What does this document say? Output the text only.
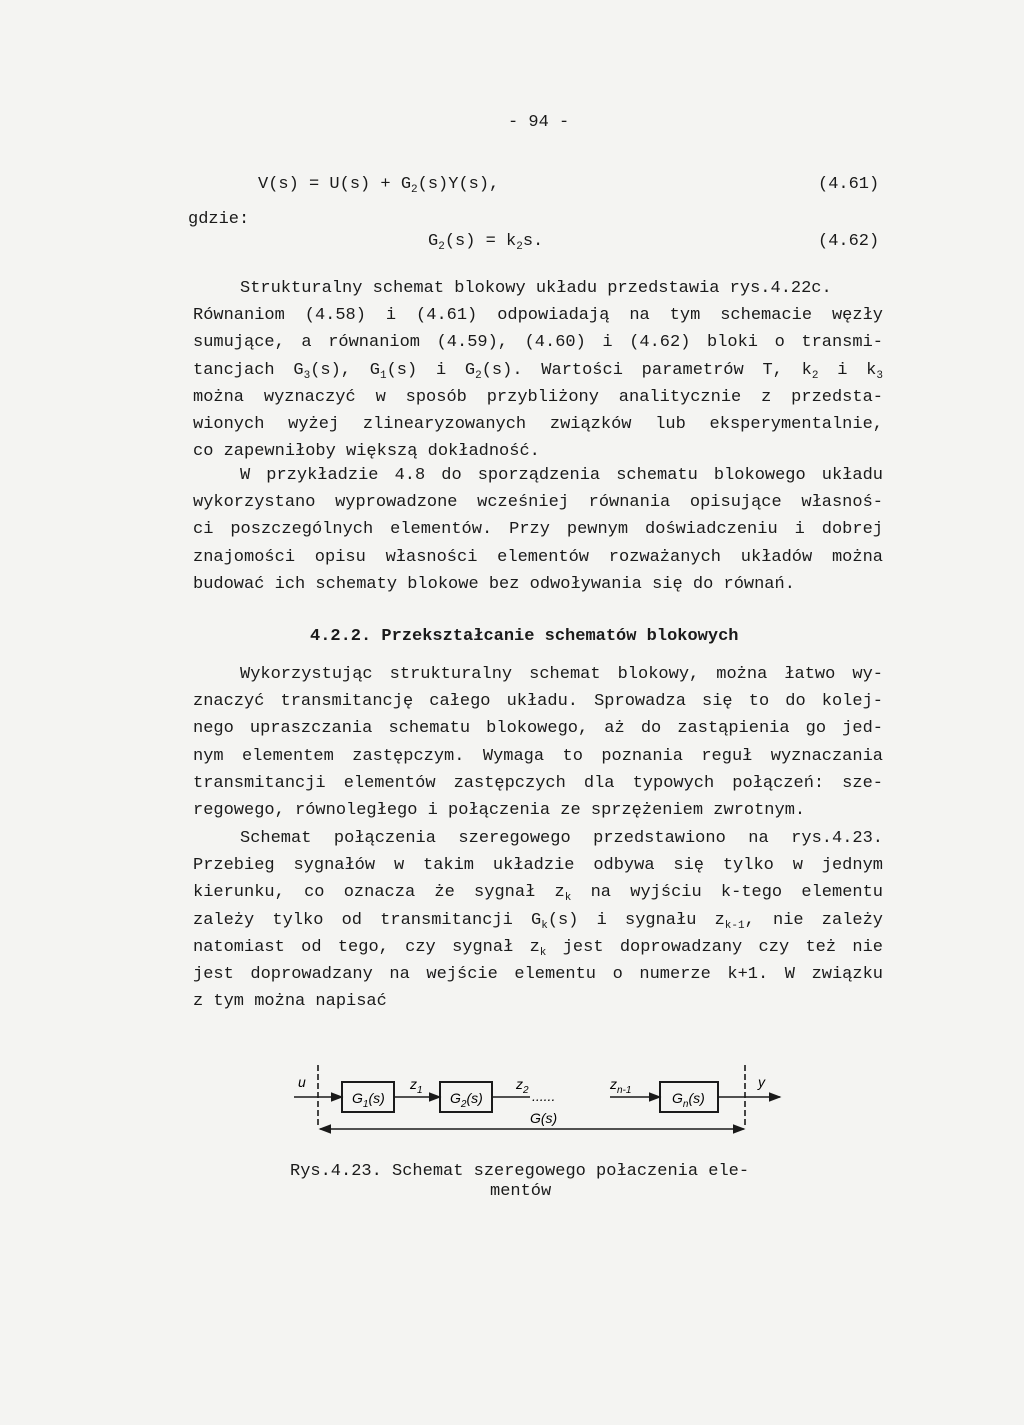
- 94 -
$V(s) = U(s) + G_2(s)Y(s)$,	(4.61)
gdzie:
$G_2(s) = k_2s$.	(4.62)
Strukturalny schemat blokowy układu przedstawia rys.4.22c.
Równaniom (4.58) i (4.61) odpowiadają na tym schemacie węzły
sumujące, a równaniom (4.59), (4.60) i (4.62) bloki o transmi-
tancjach $G_3(s)$, $G_1(s)$ i $G_2(s)$. Wartości parametrów T, $k_2$ i $k_3$
można wyznaczyć w sposób przybliżony analitycznie z przedsta-
wionych wyżej zlinearyzowanych związków lub eksperymentalnie,
co zapewniłoby większą dokładność.
W przykładzie 4.8 do sporządzenia schematu blokowego układu
wykorzystano wyprowadzone wcześniej równania opisujące własnoś-
ci poszczególnych elementów. Przy pewnym doświadczeniu i dobrej
znajomości opisu własności elementów rozważanych układów można
budować ich schematy blokowe bez odwoływania się do równań.
4.2.2. Przekształcanie schematów blokowych
Wykorzystując strukturalny schemat blokowy, można łatwo wy-
znaczyć transmitancję całego układu. Sprowadza się to do kolej-
nego upraszczania schematu blokowego, aż do zastąpienia go jed-
nym elementem zastępczym. Wymaga to poznania reguł wyznaczania
transmitancji elementów zastępczych dla typowych połączeń: sze-
regowego, równoległego i połączenia ze sprzężeniem zwrotnym.
Schemat połączenia szeregowego przedstawiono na rys.4.23.
Przebieg sygnałów w takim układzie odbywa się tylko w jednym
kierunku, co oznacza że sygnał $z_k$ na wyjściu k-tego elementu
zależy tylko od transmitancji $G_k(s)$ i sygnału $z_{k-1}$, nie zależy
natomiast od tego, czy sygnał $z_k$ jest doprowadzany czy też nie
jest doprowadzany na wejście elementu o numerze k+1. W związku
z tym można napisać
u	y
$G_1(s)$	$G_2(s)$	$G_n(s)$
$z_1$	$z_2$ ......
$z_{n-1}$
G(s)
Rys.4.23. Schemat szeregowego połaczenia ele-
mentów
